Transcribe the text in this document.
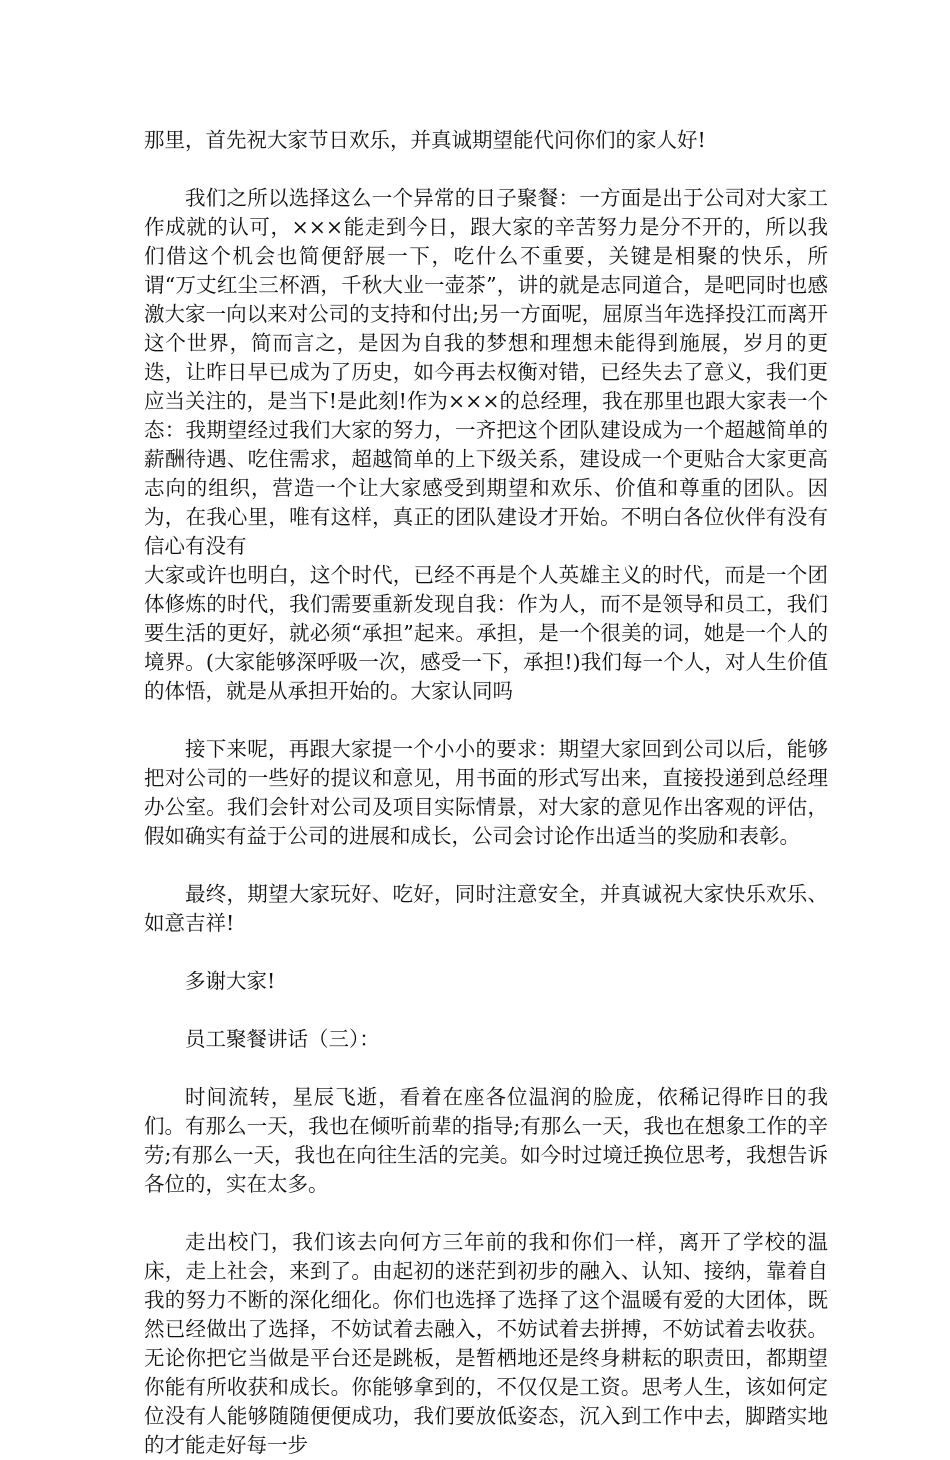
那里，首先祝大家节日欢乐，并真诚期望能代问你们的家人好!

我们之所以选择这么一个异常的日子聚餐：一方面是出于公司对大家工作成就的认可，×××能走到今日，跟大家的辛苦努力是分不开的，所以我们借这个机会也简便舒展一下，吃什么不重要，关键是相聚的快乐，所谓“万丈红尘三杯酒，千秋大业一壶茶”，讲的就是志同道合，是吧同时也感激大家一向以来对公司的支持和付出;另一方面呢，屈原当年选择投江而离开这个世界，简而言之，是因为自我的梦想和理想未能得到施展，岁月的更迭，让昨日早已成为了历史，如今再去权衡对错，已经失去了意义，我们更应当关注的，是当下!是此刻!作为×××的总经理，我在那里也跟大家表一个态：我期望经过我们大家的努力，一齐把这个团队建设成为一个超越简单的薪酬待遇、吃住需求，超越简单的上下级关系，建设成一个更贴合大家更高志向的组织，营造一个让大家感受到期望和欢乐、价值和尊重的团队。因为，在我心里，唯有这样，真正的团队建设才开始。不明白各位伙伴有没有信心有没有

大家或许也明白，这个时代，已经不再是个人英雄主义的时代，而是一个团体修炼的时代，我们需要重新发现自我：作为人，而不是领导和员工，我们要生活的更好，就必须“承担”起来。承担，是一个很美的词，她是一个人的境界。(大家能够深呼吸一次，感受一下，承担!)我们每一个人，对人生价值的体悟，就是从承担开始的。大家认同吗

接下来呢，再跟大家提一个小小的要求：期望大家回到公司以后，能够把对公司的一些好的提议和意见，用书面的形式写出来，直接投递到总经理办公室。我们会针对公司及项目实际情景，对大家的意见作出客观的评估，假如确实有益于公司的进展和成长，公司会讨论作出适当的奖励和表彰。

最终，期望大家玩好、吃好，同时注意安全，并真诚祝大家快乐欢乐、如意吉祥!

多谢大家!

员工聚餐讲话（三）：

时间流转，星辰飞逝，看着在座各位温润的脸庞，依稀记得昨日的我们。有那么一天，我也在倾听前辈的指导;有那么一天，我也在想象工作的辛劳;有那么一天，我也在向往生活的完美。如今时过境迁换位思考，我想告诉各位的，实在太多。

走出校门，我们该去向何方三年前的我和你们一样，离开了学校的温床，走上社会，来到了。由起初的迷茫到初步的融入、认知、接纳，靠着自我的努力不断的深化细化。你们也选择了选择了这个温暖有爱的大团体，既然已经做出了选择，不妨试着去融入，不妨试着去拼搏，不妨试着去收获。无论你把它当做是平台还是跳板，是暂栖地还是终身耕耘的职责田，都期望你能有所收获和成长。你能够拿到的，不仅仅是工资。思考人生，该如何定位没有人能够随随便便成功，我们要放低姿态，沉入到工作中去，脚踏实地的才能走好每一步
